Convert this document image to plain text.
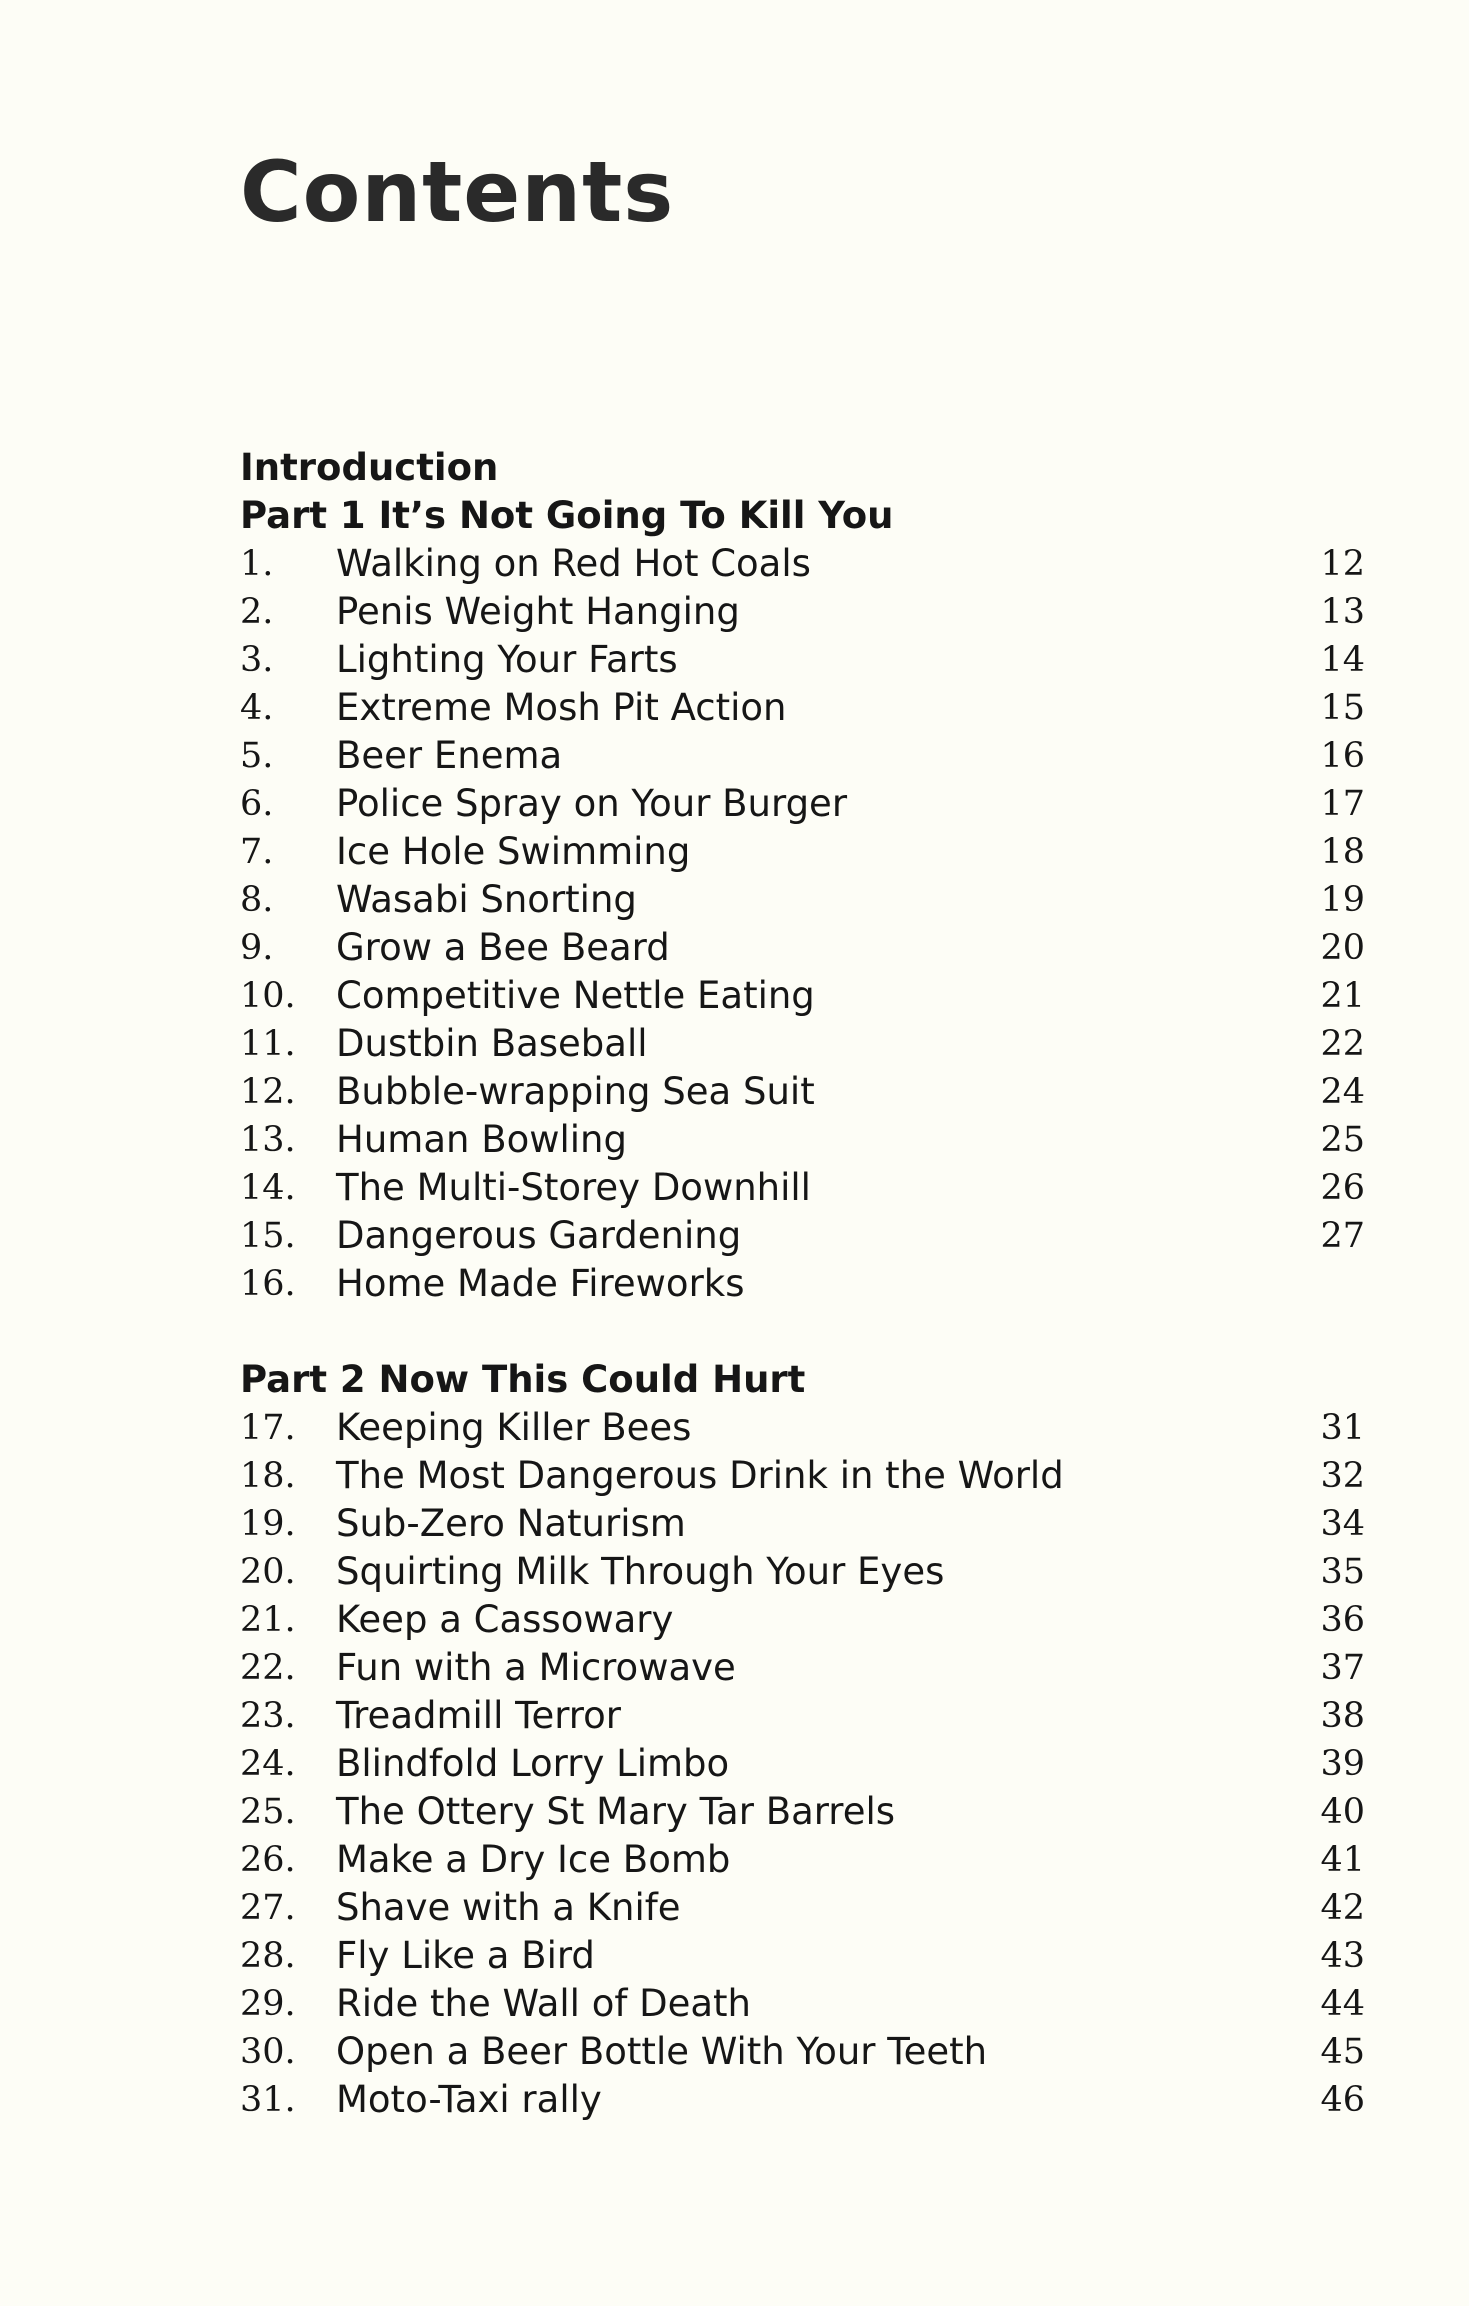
Contents
Introduction
Part 1 It’s Not Going To Kill You
1. Walking on Red Hot Coals	12
2. Penis Weight Hanging	13
3. Lighting Your Farts	14
4. Extreme Mosh Pit Action	15
5. Beer Enema	16
6. Police Spray on Your Burger	17
7. Ice Hole Swimming	18
8. Wasabi Snorting	19
9. Grow a Bee Beard	20
10. Competitive Nettle Eating	21
11. Dustbin Baseball	22
12. Bubble-wrapping Sea Suit	24
13. Human Bowling	25
14. The Multi-Storey Downhill	26
15. Dangerous Gardening	27
16. Home Made Fireworks
Part 2 Now This Could Hurt
17. Keeping Killer Bees	31
18. The Most Dangerous Drink in the World	32
19. Sub-Zero Naturism	34
20. Squirting Milk Through Your Eyes	35
21. Keep a Cassowary	36
22. Fun with a Microwave	37
23. Treadmill Terror	38
24. Blindfold Lorry Limbo	39
25. The Ottery St Mary Tar Barrels	40
26. Make a Dry Ice Bomb	41
27. Shave with a Knife	42
28. Fly Like a Bird	43
29. Ride the Wall of Death	44
30. Open a Beer Bottle With Your Teeth	45
31. Moto-Taxi rally	46
